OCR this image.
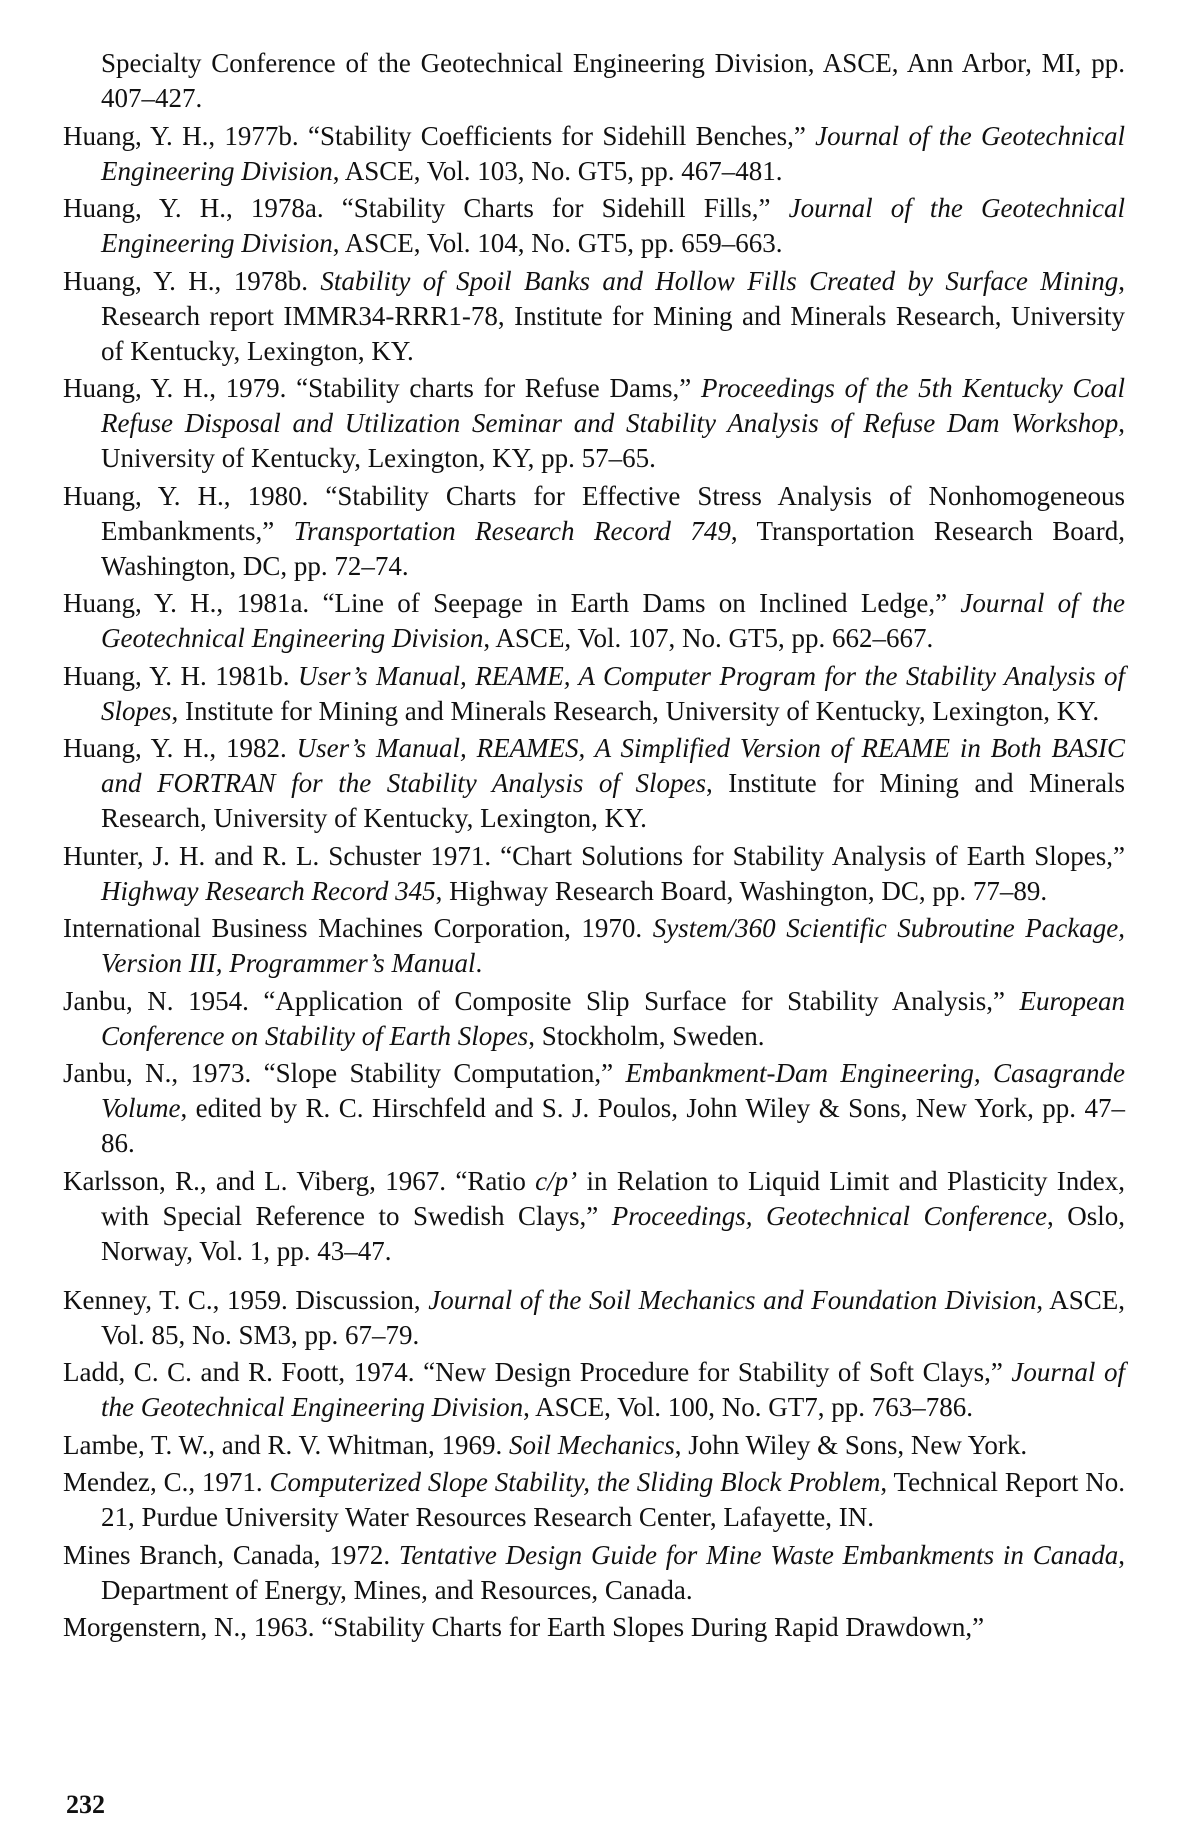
Specialty Conference of the Geotechnical Engineering Division, ASCE, Ann Arbor, MI, pp. 407–427.

Huang, Y. H., 1977b. “Stability Coefficients for Sidehill Benches,” Journal of the Geotechnical Engineering Division, ASCE, Vol. 103, No. GT5, pp. 467–481.

Huang, Y. H., 1978a. “Stability Charts for Sidehill Fills,” Journal of the Geotechnical Engineering Division, ASCE, Vol. 104, No. GT5, pp. 659–663.

Huang, Y. H., 1978b. Stability of Spoil Banks and Hollow Fills Created by Surface Mining, Research report IMMR34-RRR1-78, Institute for Mining and Minerals Research, University of Kentucky, Lexington, KY.

Huang, Y. H., 1979. “Stability charts for Refuse Dams,” Proceedings of the 5th Kentucky Coal Refuse Disposal and Utilization Seminar and Stability Analysis of Refuse Dam Workshop, University of Kentucky, Lexington, KY, pp. 57–65.

Huang, Y. H., 1980. “Stability Charts for Effective Stress Analysis of Nonhomogeneous Embankments,” Transportation Research Record 749, Transportation Research Board, Washington, DC, pp. 72–74.

Huang, Y. H., 1981a. “Line of Seepage in Earth Dams on Inclined Ledge,” Journal of the Geotechnical Engineering Division, ASCE, Vol. 107, No. GT5, pp. 662–667.

Huang, Y. H. 1981b. User’s Manual, REAME, A Computer Program for the Stability Analysis of Slopes, Institute for Mining and Minerals Research, University of Kentucky, Lexington, KY.

Huang, Y. H., 1982. User’s Manual, REAMES, A Simplified Version of REAME in Both BASIC and FORTRAN for the Stability Analysis of Slopes, Institute for Mining and Minerals Research, University of Kentucky, Lexington, KY.

Hunter, J. H. and R. L. Schuster 1971. “Chart Solutions for Stability Analysis of Earth Slopes,” Highway Research Record 345, Highway Research Board, Washington, DC, pp. 77–89.

International Business Machines Corporation, 1970. System/360 Scientific Subroutine Package, Version III, Programmer’s Manual.

Janbu, N. 1954. “Application of Composite Slip Surface for Stability Analysis,” European Conference on Stability of Earth Slopes, Stockholm, Sweden.

Janbu, N., 1973. “Slope Stability Computation,” Embankment-Dam Engineering, Casagrande Volume, edited by R. C. Hirschfeld and S. J. Poulos, John Wiley & Sons, New York, pp. 47–86.

Karlsson, R., and L. Viberg, 1967. “Ratio c/p’ in Relation to Liquid Limit and Plasticity Index, with Special Reference to Swedish Clays,” Proceedings, Geotechnical Conference, Oslo, Norway, Vol. 1, pp. 43–47.

Kenney, T. C., 1959. Discussion, Journal of the Soil Mechanics and Foundation Division, ASCE, Vol. 85, No. SM3, pp. 67–79.

Ladd, C. C. and R. Foott, 1974. “New Design Procedure for Stability of Soft Clays,” Journal of the Geotechnical Engineering Division, ASCE, Vol. 100, No. GT7, pp. 763–786.

Lambe, T. W., and R. V. Whitman, 1969. Soil Mechanics, John Wiley & Sons, New York.

Mendez, C., 1971. Computerized Slope Stability, the Sliding Block Problem, Technical Report No. 21, Purdue University Water Resources Research Center, Lafayette, IN.

Mines Branch, Canada, 1972. Tentative Design Guide for Mine Waste Embankments in Canada, Department of Energy, Mines, and Resources, Canada.

Morgenstern, N., 1963. “Stability Charts for Earth Slopes During Rapid Drawdown,”

232
